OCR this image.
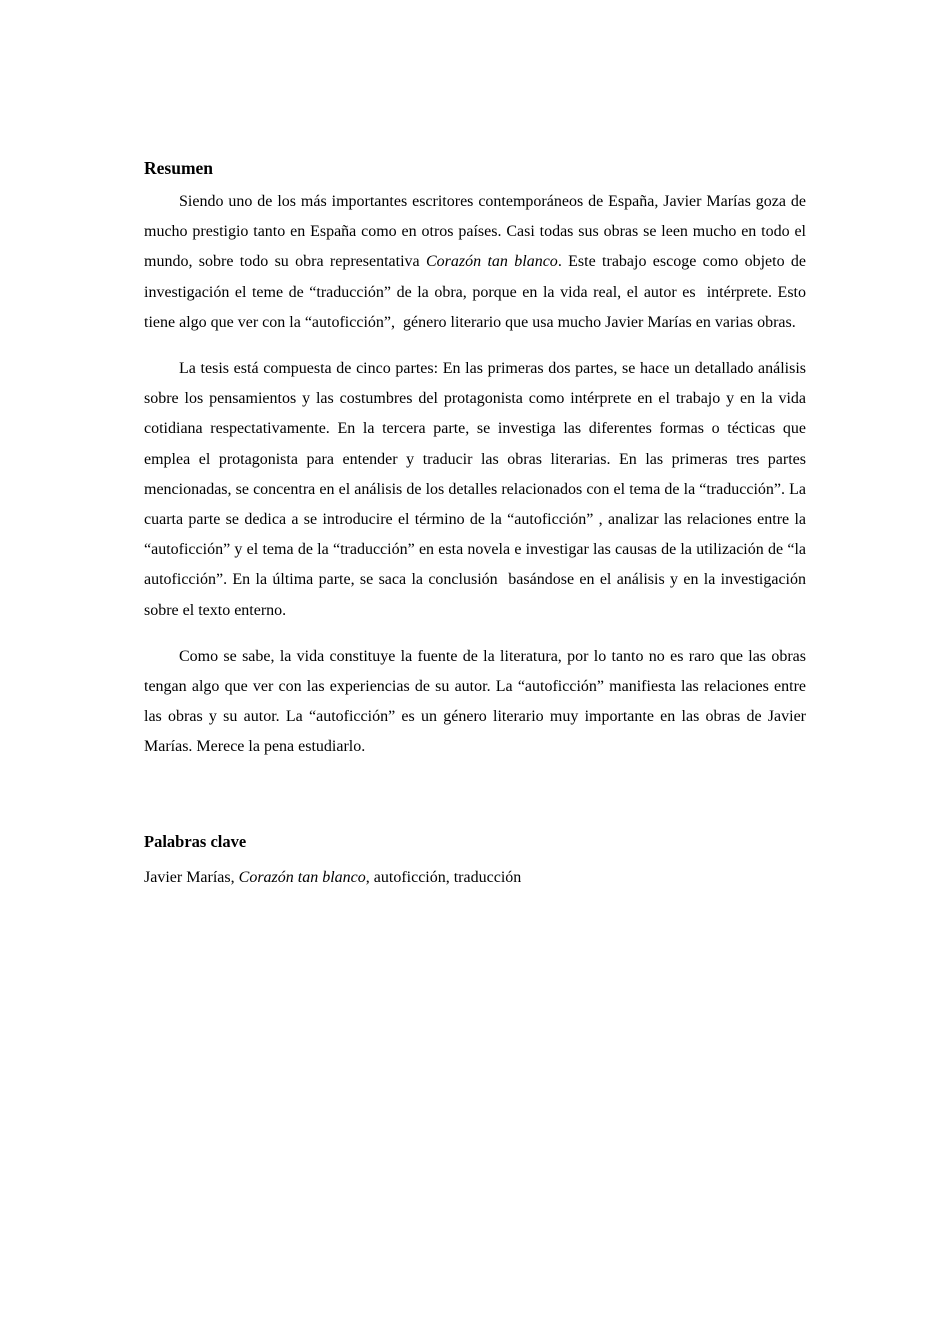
Resumen

Siendo uno de los más importantes escritores contemporáneos de España, Javier Marías goza de mucho prestigio tanto en España como en otros países. Casi todas sus obras se leen mucho en todo el mundo, sobre todo su obra representativa Corazón tan blanco. Este trabajo escoge como objeto de investigación el teme de “traducción” de la obra, porque en la vida real, el autor es  intérprete. Esto tiene algo que ver con la “autoficción”,  género literario que usa mucho Javier Marías en varias obras.

La tesis está compuesta de cinco partes: En las primeras dos partes, se hace un detallado análisis sobre los pensamientos y las costumbres del protagonista como intérprete en el trabajo y en la vida cotidiana respectativamente. En la tercera parte, se investiga las diferentes formas o técticas que emplea el protagonista para entender y traducir las obras literarias. En las primeras tres partes mencionadas, se concentra en el análisis de los detalles relacionados con el tema de la “traducción”. La cuarta parte se dedica a se introducire el término de la “autoficción” , analizar las relaciones entre la “autoficción” y el tema de la “traducción” en esta novela e investigar las causas de la utilización de “la autoficción”. En la última parte, se saca la conclusión  basándose en el análisis y en la investigación sobre el texto enterno.

Como se sabe, la vida constituye la fuente de la literatura, por lo tanto no es raro que las obras tengan algo que ver con las experiencias de su autor. La “autoficción” manifiesta las relaciones entre las obras y su autor. La “autoficción” es un género literario muy importante en las obras de Javier Marías. Merece la pena estudiarlo.

Palabras clave
Javier Marías, Corazón tan blanco, autoficción, traducción
